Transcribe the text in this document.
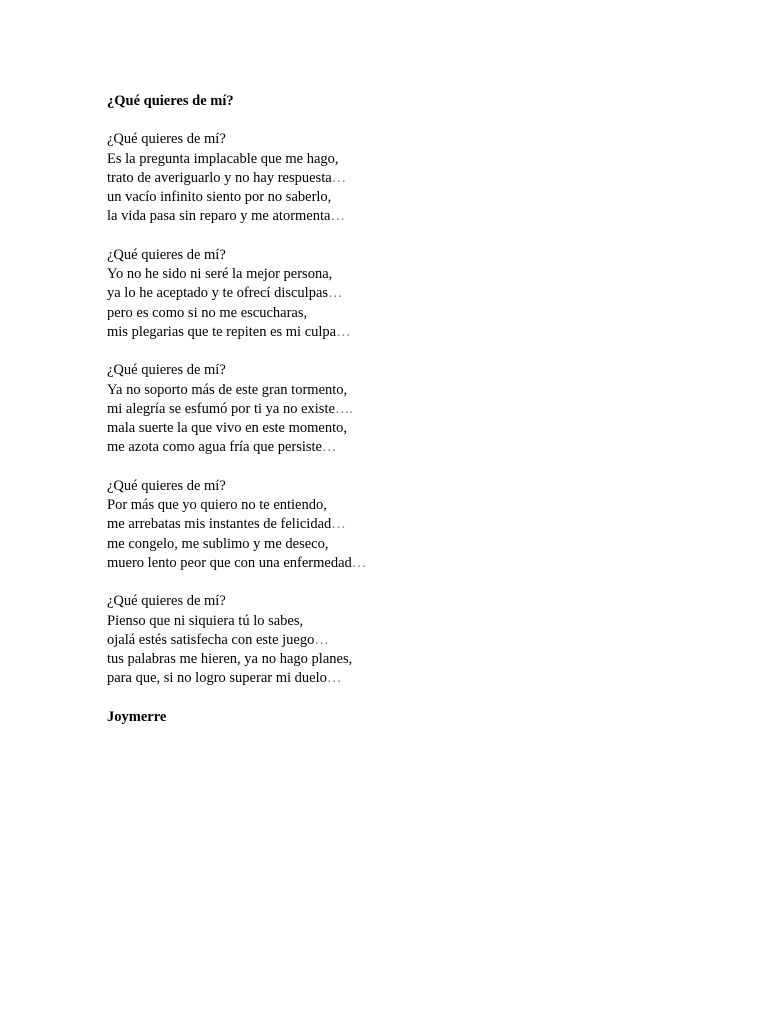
¿Qué quieres de mí?

¿Qué quieres de mí?
Es la pregunta implacable que me hago,
trato de averiguarlo y no hay respuesta…
un vacío infinito siento por no saberlo,
la vida pasa sin reparo y me atormenta…
¿Qué quieres de mí?
Yo no he sido ni seré la mejor persona,
ya lo he aceptado y te ofrecí disculpas…
pero es como si no me escucharas,
mis plegarias que te repiten es mi culpa…
¿Qué quieres de mí?
Ya no soporto más de este gran tormento,
mi alegría se esfumó por ti ya no existe….
mala suerte la que vivo en este momento,
me azota como agua fría que persiste…
¿Qué quieres de mí?
Por más que yo quiero no te entiendo,
me arrebatas mis instantes de felicidad…
me congelo, me sublimo y me deseco,
muero lento peor que con una enfermedad…
¿Qué quieres de mí?
Pienso que ni siquiera tú lo sabes,
ojalá estés satisfecha con este juego…
tus palabras me hieren, ya no hago planes,
para que, si no logro superar mi duelo…

Joymerre
